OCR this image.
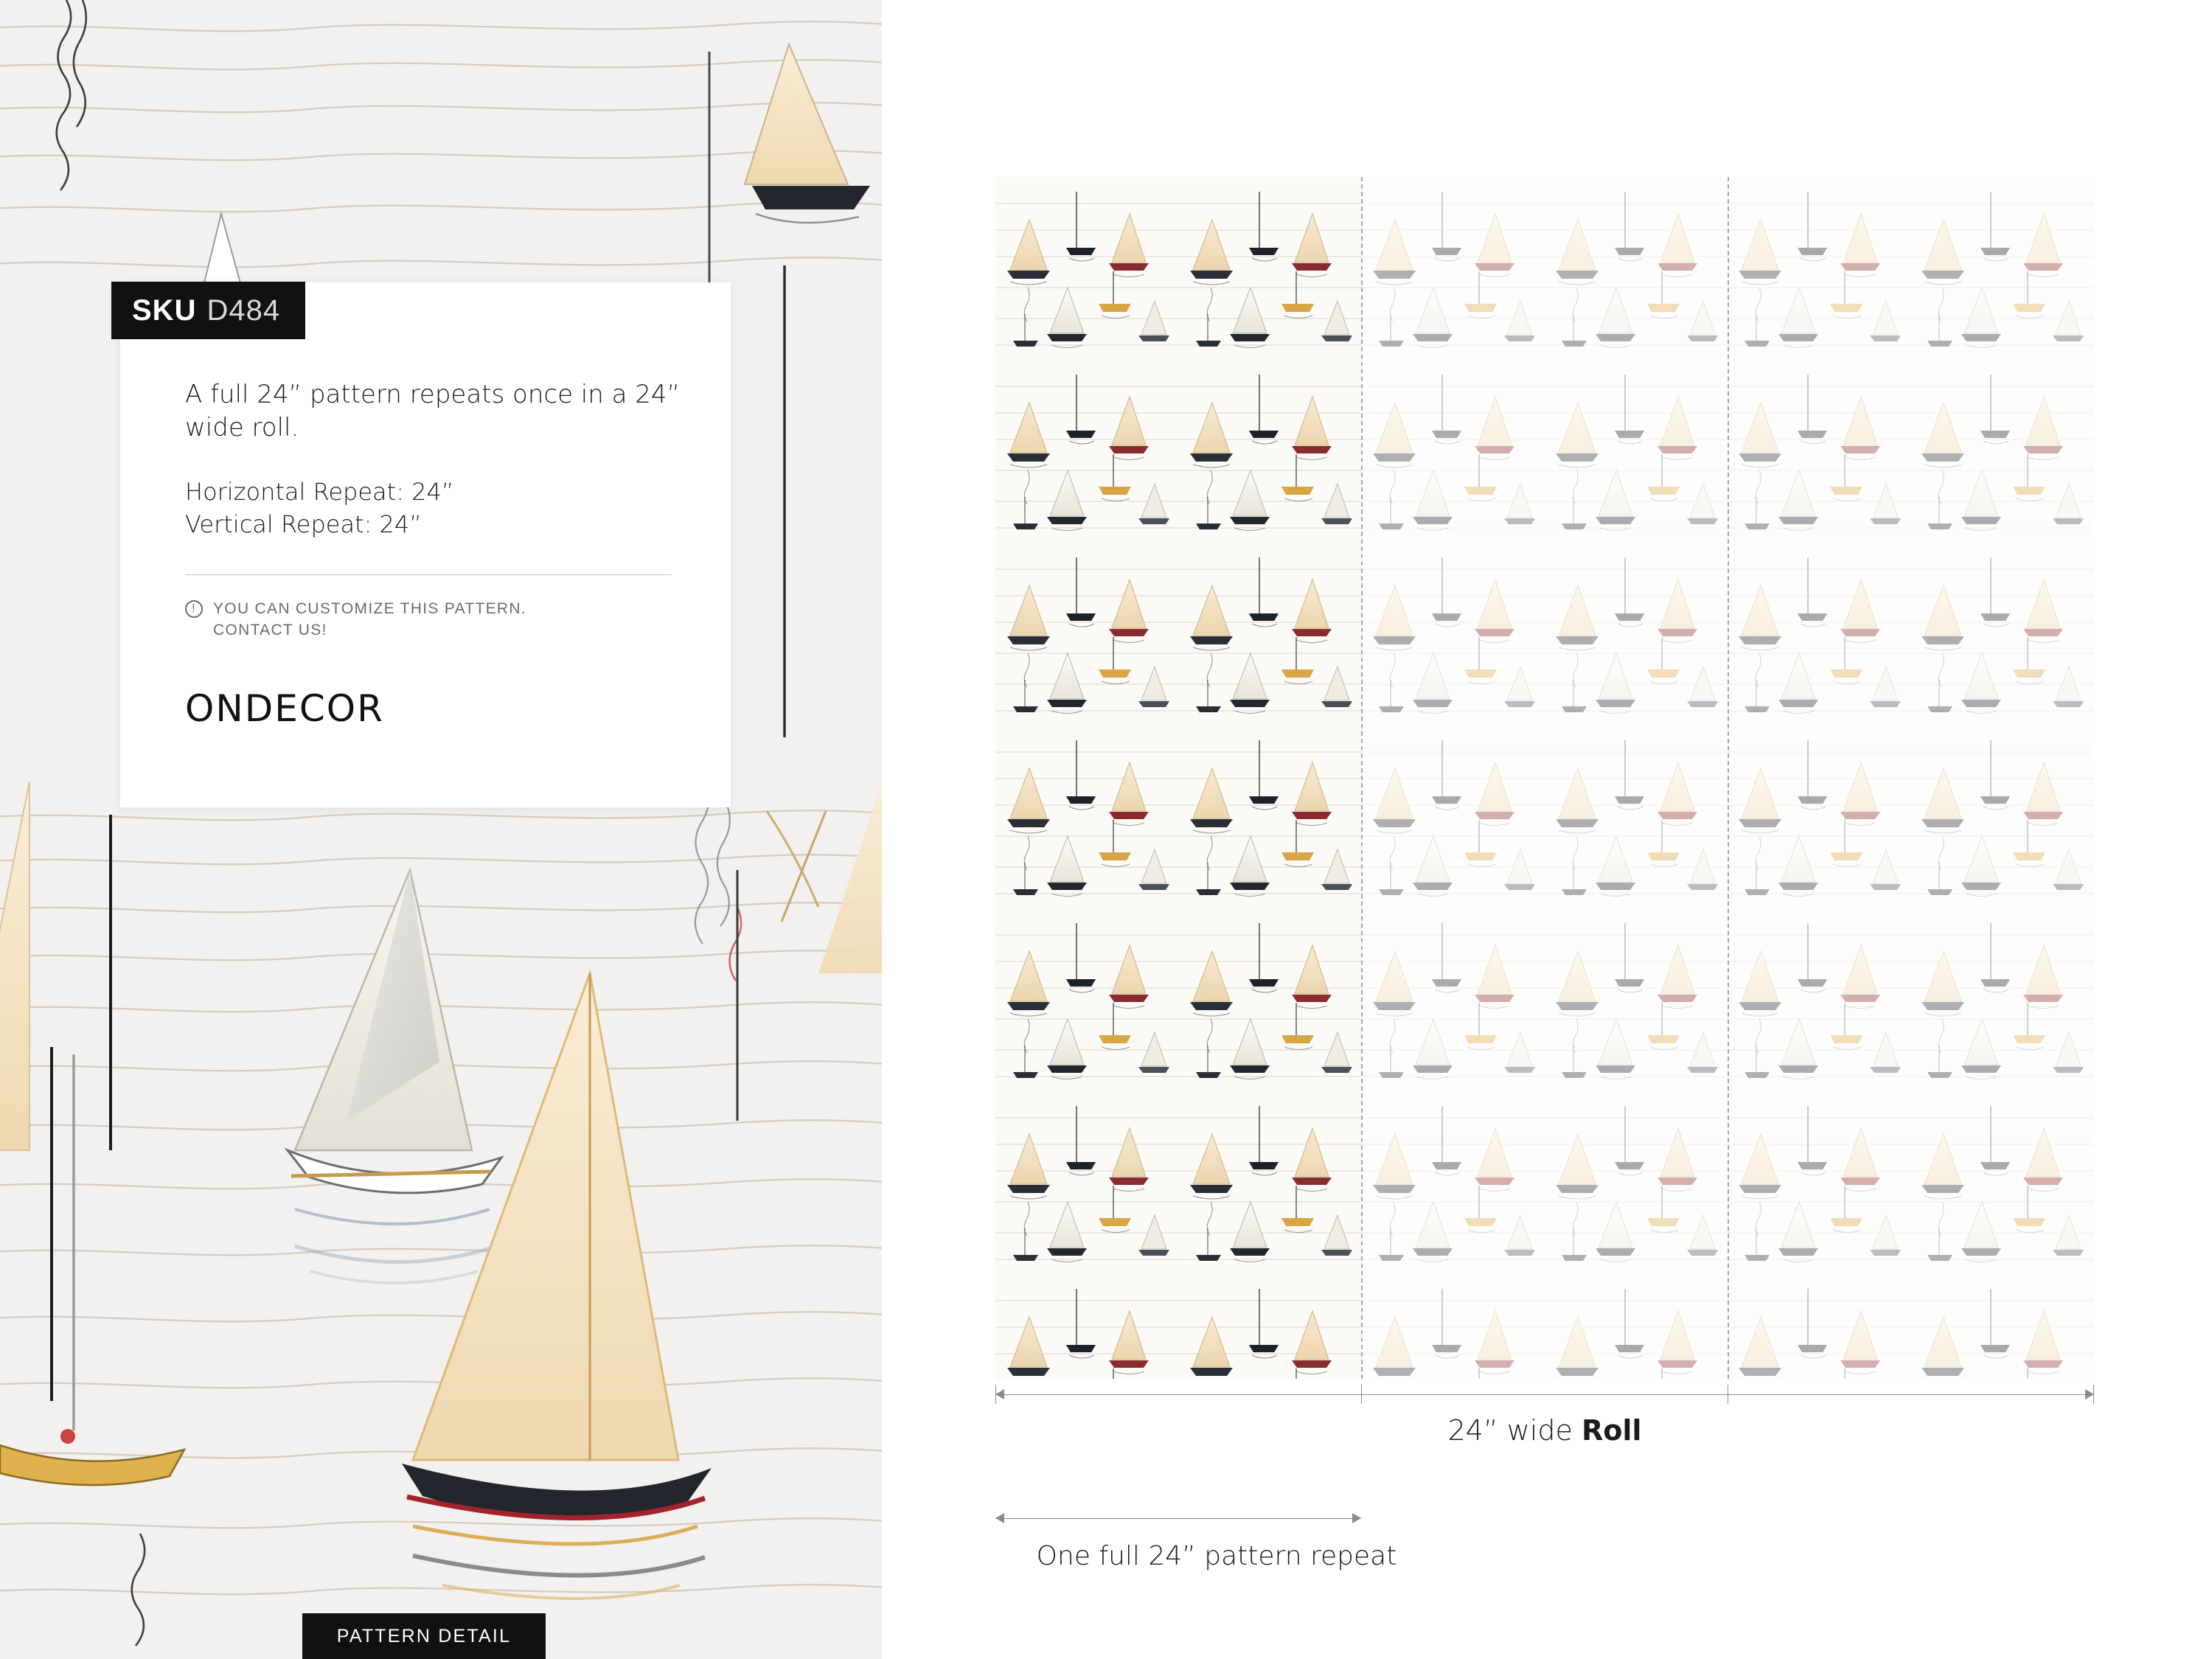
PATTERN DETAIL
SKU D484
A full 24” pattern repeats once in a 24” wide roll.
Horizontal Repeat: 24”
Vertical Repeat: 24”
!	YOU CAN CUSTOMIZE THIS PATTERN.
CONTACT US!
ONDECOR
24” wide Roll
One full 24” pattern repeat
